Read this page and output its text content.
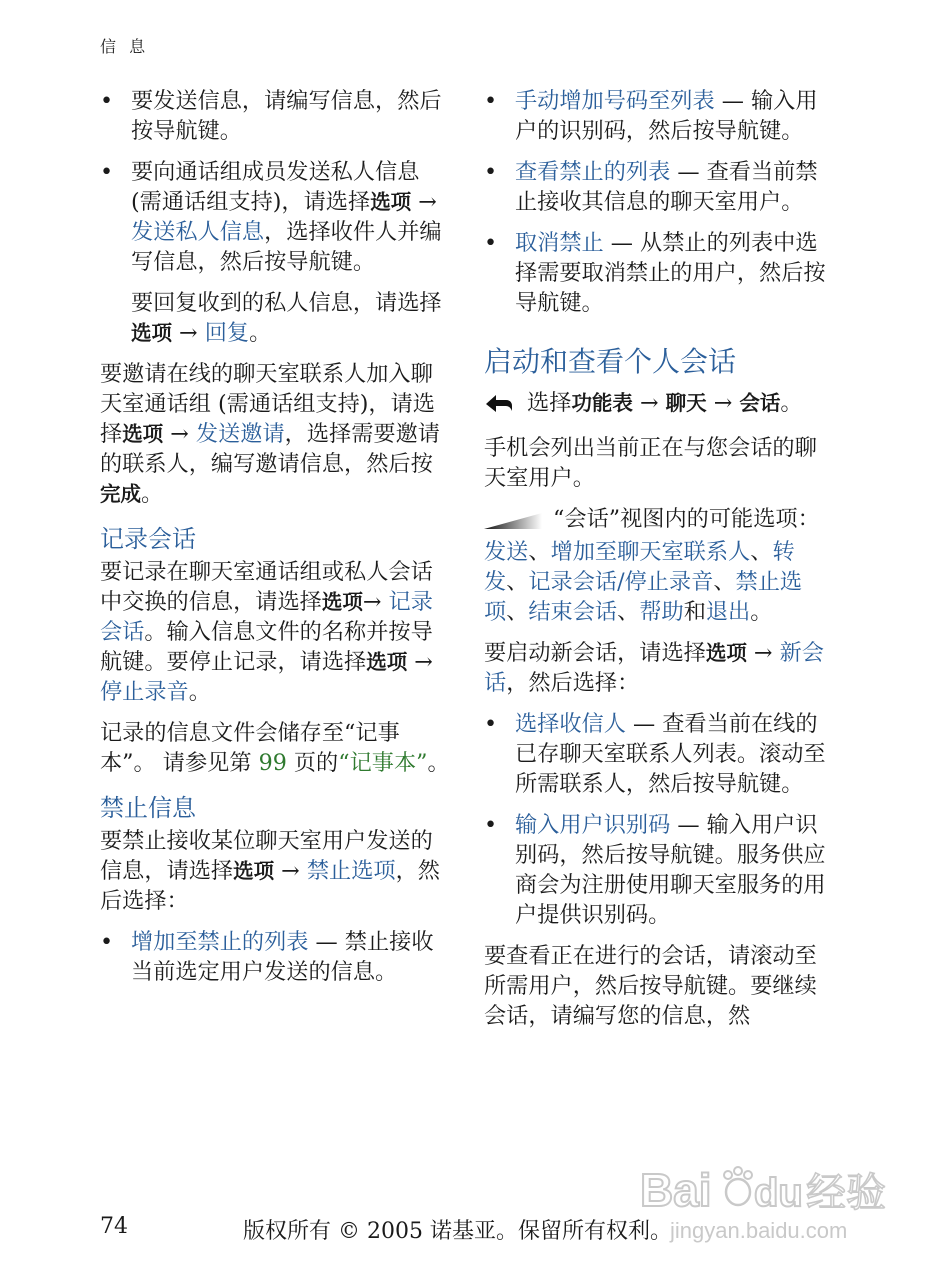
信 息
• 要发送信息，请编写信息，然后按导航键。

• 要向通话组成员发送私人信息 (需通话组支持)，请选择选项 → 发送私人信息，选择收件人并编写信息，然后按导航键。

要回复收到的私人信息，请选择选项 → 回复。

要邀请在线的聊天室联系人加入聊天室通话组 (需通话组支持)，请选择选项 → 发送邀请，选择需要邀请的联系人，编写邀请信息，然后按完成。

记录会话

要记录在聊天室通话组或私人会话中交换的信息，请选择选项→ 记录会话。输入信息文件的名称并按导航键。要停止记录，请选择选项 → 停止录音。

记录的信息文件会储存至“记事本”。 请参见第 99 页的“记事本”。

禁止信息

要禁止接收某位聊天室用户发送的信息，请选择选项 → 禁止选项，然后选择：

• 增加至禁止的列表 — 禁止接收当前选定用户发送的信息。

• 手动增加号码至列表 — 输入用户的识别码，然后按导航键。

• 查看禁止的列表 — 查看当前禁止接收其信息的聊天室用户。

• 取消禁止 — 从禁止的列表中选择需要取消禁止的用户，然后按导航键。

启动和查看个人会话

选择功能表 → 聊天 → 会话。

手机会列出当前正在与您会话的聊天室用户。

“会话”视图内的可能选项：发送、增加至聊天室联系人、转发、记录会话/停止录音、禁止选项、结束会话、帮助和退出。

要启动新会话，请选择选项 → 新会话，然后选择：

• 选择收信人 — 查看当前在线的已存聊天室联系人列表。滚动至所需联系人，然后按导航键。

• 输入用户识别码 — 输入用户识别码，然后按导航键。服务供应商会为注册使用聊天室服务的用户提供识别码。

要查看正在进行的会话，请滚动至所需用户，然后按导航键。要继续会话，请编写您的信息，然

Bai du 经验
jingyan.baidu.com
74	版权所有 © 2005 诺基亚。保留所有权利。
